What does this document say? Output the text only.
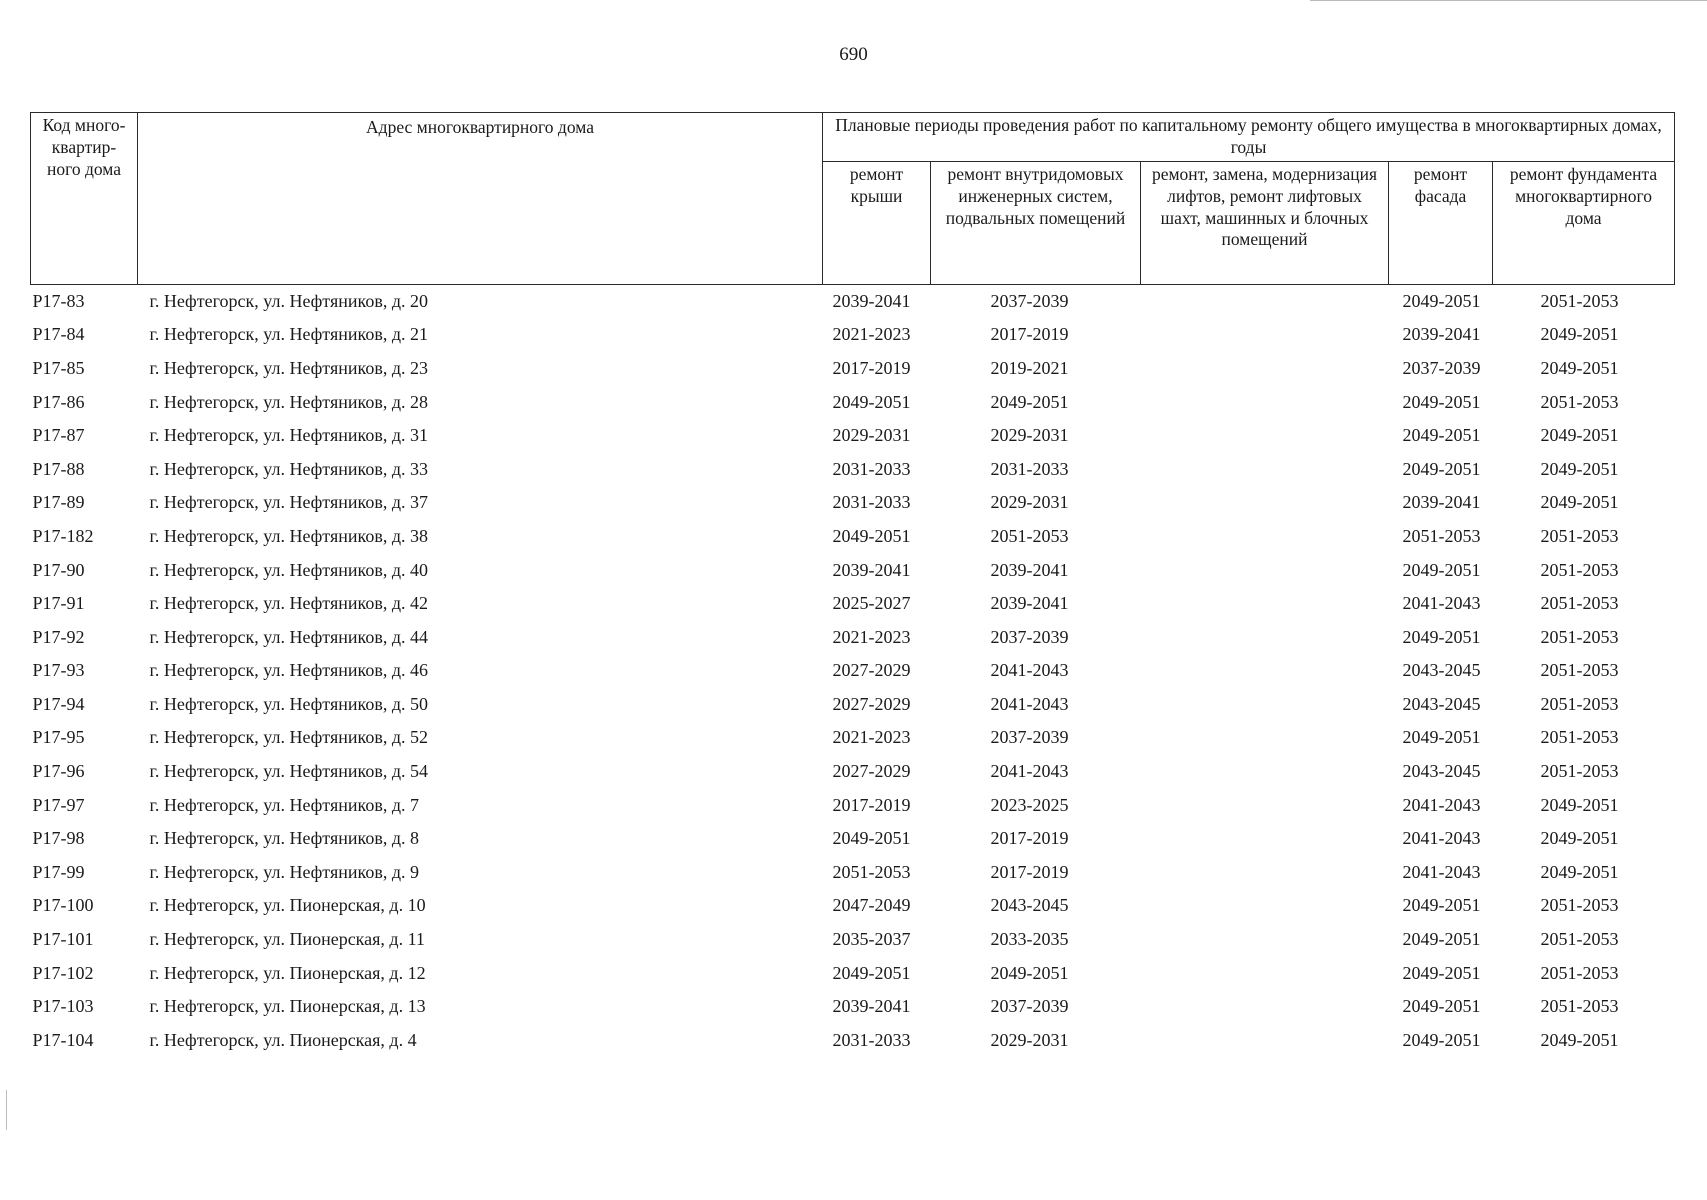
690
Код много-квартир-ного дома	Адрес многоквартирного дома	Плановые периоды проведения работ по капитальному ремонту общего имущества в многоквартирных домах, годы				
		ремонт крыши	ремонт внутридомовых инженерных систем, подвальных помещений	ремонт, замена, модернизация лифтов, ремонт лифтовых шахт, машинных и блочных помещений	ремонт фасада	ремонт фундамента многоквартирного дома
Р17-83	г. Нефтегорск, ул. Нефтяников, д. 20	2039-2041	2037-2039		2049-2051	2051-2053
Р17-84	г. Нефтегорск, ул. Нефтяников, д. 21	2021-2023	2017-2019		2039-2041	2049-2051
Р17-85	г. Нефтегорск, ул. Нефтяников, д. 23	2017-2019	2019-2021		2037-2039	2049-2051
Р17-86	г. Нефтегорск, ул. Нефтяников, д. 28	2049-2051	2049-2051		2049-2051	2051-2053
Р17-87	г. Нефтегорск, ул. Нефтяников, д. 31	2029-2031	2029-2031		2049-2051	2049-2051
Р17-88	г. Нефтегорск, ул. Нефтяников, д. 33	2031-2033	2031-2033		2049-2051	2049-2051
Р17-89	г. Нефтегорск, ул. Нефтяников, д. 37	2031-2033	2029-2031		2039-2041	2049-2051
Р17-182	г. Нефтегорск, ул. Нефтяников, д. 38	2049-2051	2051-2053		2051-2053	2051-2053
Р17-90	г. Нефтегорск, ул. Нефтяников, д. 40	2039-2041	2039-2041		2049-2051	2051-2053
Р17-91	г. Нефтегорск, ул. Нефтяников, д. 42	2025-2027	2039-2041		2041-2043	2051-2053
Р17-92	г. Нефтегорск, ул. Нефтяников, д. 44	2021-2023	2037-2039		2049-2051	2051-2053
Р17-93	г. Нефтегорск, ул. Нефтяников, д. 46	2027-2029	2041-2043		2043-2045	2051-2053
Р17-94	г. Нефтегорск, ул. Нефтяников, д. 50	2027-2029	2041-2043		2043-2045	2051-2053
Р17-95	г. Нефтегорск, ул. Нефтяников, д. 52	2021-2023	2037-2039		2049-2051	2051-2053
Р17-96	г. Нефтегорск, ул. Нефтяников, д. 54	2027-2029	2041-2043		2043-2045	2051-2053
Р17-97	г. Нефтегорск, ул. Нефтяников, д. 7	2017-2019	2023-2025		2041-2043	2049-2051
Р17-98	г. Нефтегорск, ул. Нефтяников, д. 8	2049-2051	2017-2019		2041-2043	2049-2051
Р17-99	г. Нефтегорск, ул. Нефтяников, д. 9	2051-2053	2017-2019		2041-2043	2049-2051
Р17-100	г. Нефтегорск, ул. Пионерская, д. 10	2047-2049	2043-2045		2049-2051	2051-2053
Р17-101	г. Нефтегорск, ул. Пионерская, д. 11	2035-2037	2033-2035		2049-2051	2051-2053
Р17-102	г. Нефтегорск, ул. Пионерская, д. 12	2049-2051	2049-2051		2049-2051	2051-2053
Р17-103	г. Нефтегорск, ул. Пионерская, д. 13	2039-2041	2037-2039		2049-2051	2051-2053
Р17-104	г. Нефтегорск, ул. Пионерская, д. 4	2031-2033	2029-2031		2049-2051	2049-2051
